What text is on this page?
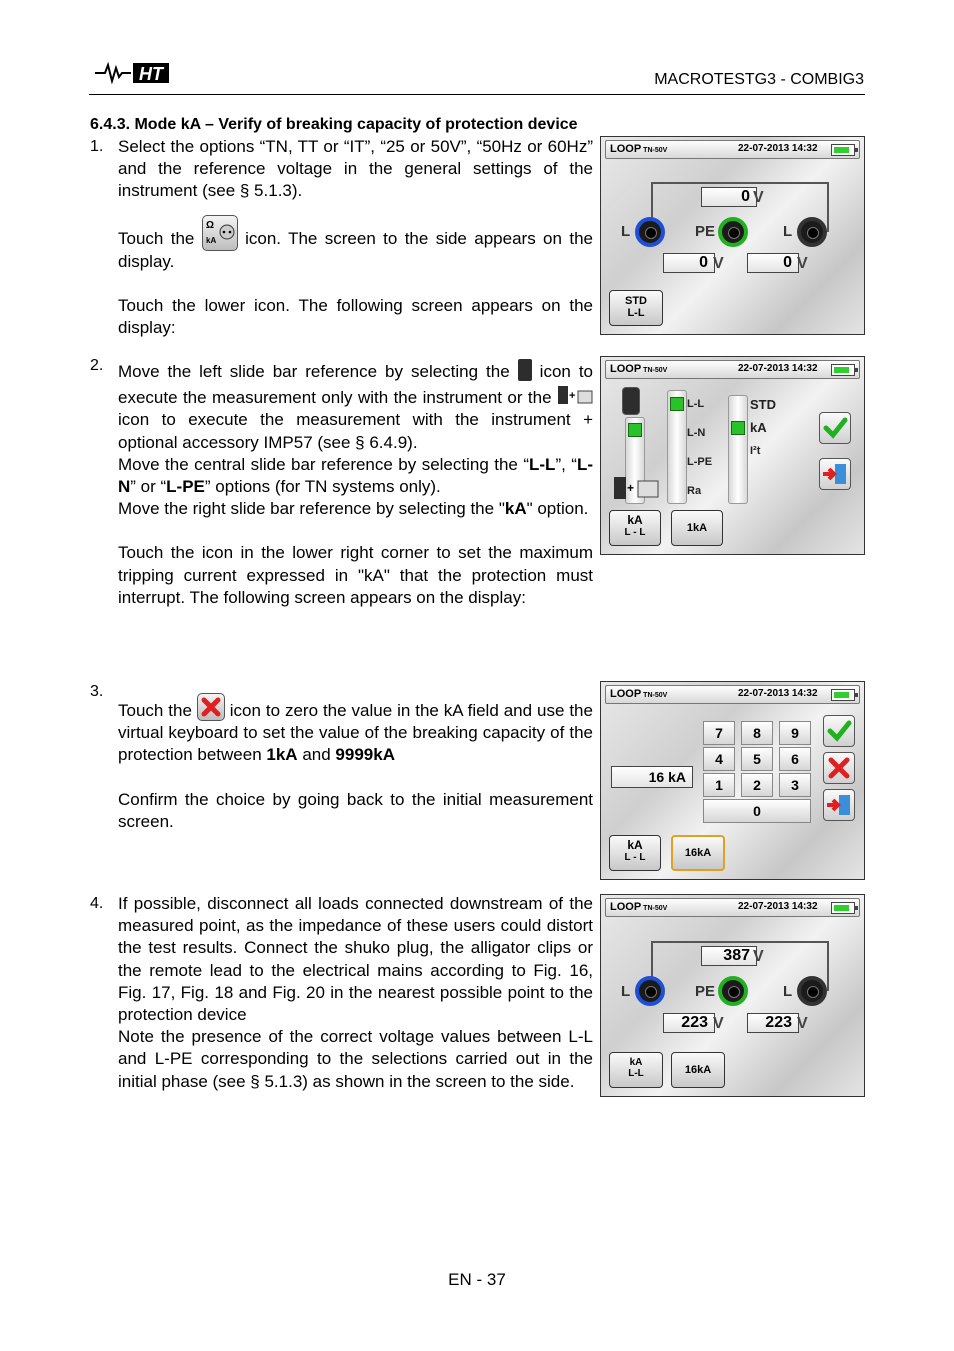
HT	MACROTESTG3 - COMBIG3
6.4.3. Mode kA – Verify of breaking capacity of protection device
1. Select the options “TN, TT or “IT”, “25 or 50V”, “50Hz or 60Hz” and the reference voltage in the general settings of the instrument (see § 5.1.3).
Touch the
Ω
kA icon. The screen to the side appears on the display.
Touch the lower icon. The following screen appears on the display:
2. Move the left slide bar reference by selecting the icon to execute the measurement only with the instrument or the +
icon to execute the measurement with the instrument + optional accessory IMP57 (see § 6.4.9).
Move the central slide bar reference by selecting the “L-L”, “L-N” or “L-PE” options (for TN systems only).
Move the right slide bar reference by selecting the "kA" option.
Touch the icon in the lower right corner to set the maximum tripping current expressed in "kA" that the protection must interrupt. The following screen appears on the display:
3.
Touch the icon to zero the value in the kA field and use the virtual keyboard to set the value of the breaking capacity of the protection between 1kA and 9999kA
Confirm the choice by going back to the initial measurement screen.
4. If possible, disconnect all loads connected downstream of the measured point, as the impedance of these users could distort the test results. Connect the shuko plug, the alligator clips or the remote lead to the electrical mains according to Fig. 16, Fig. 17, Fig. 18 and Fig. 20 in the nearest possible point to the protection device
Note the presence of the correct voltage values between L-L and L-PE corresponding to the selections carried out in the initial phase (see § 5.1.3) as shown in the screen to the side.
LOOP TN-50V	22-07-2013 14:32
0 V
L	PE	L
0 V	0 V
STD
L-L
LOOP TN-50V	22-07-2013 14:32
+
L-L
L-N
L-PE
Ra
STD
kA
I²t
kA
L - L	1kA
LOOP TN-50V	22-07-2013 14:32
16 kA
7	8	9
4	5	6
1	2	3
0
kA
L - L	16kA
LOOP TN-50V	22-07-2013 14:32
387 V
L	PE	L
223 V	223 V
kA
L-L	16kA
EN - 37
